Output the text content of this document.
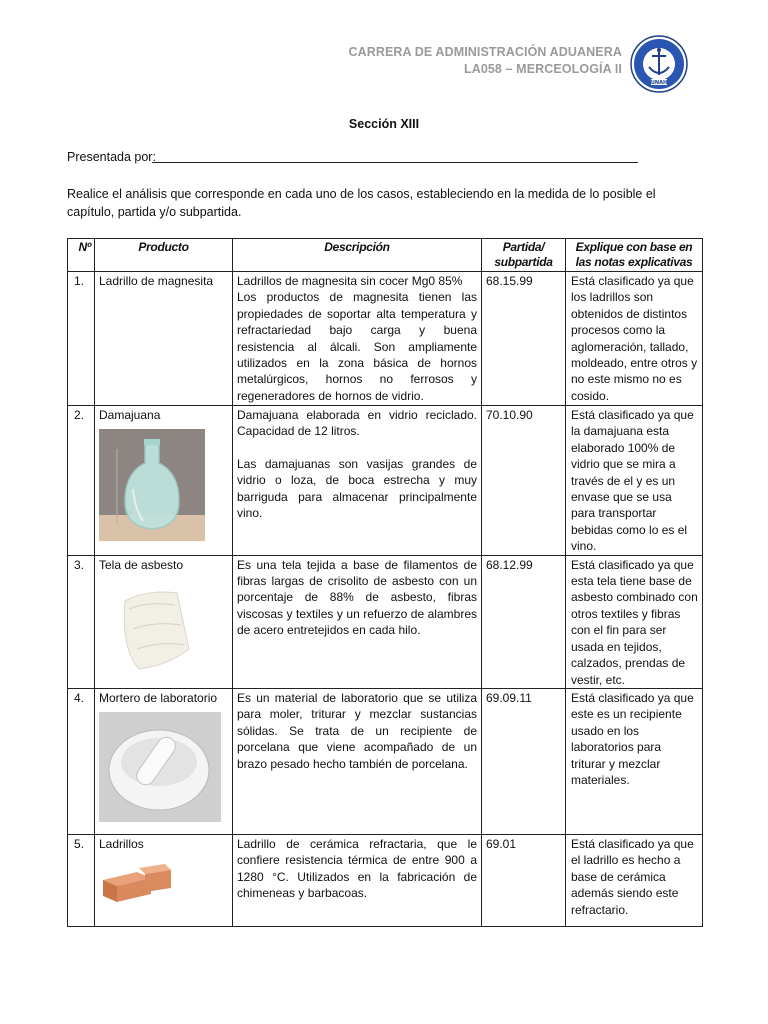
CARRERA DE ADMINISTRACIÓN ADUANERA
LA058 – MERCEOLOGÍA II
UNAH
Sección XIII
Presentada por:
Realice el análisis que corresponde en cada uno de los casos, estableciendo en la medida de lo posible el capítulo, partida y/o subpartida.
Nº	Producto	Descripción	Partida/ subpartida	Explique con base en las notas explicativas
1.	Ladrillo de magnesita	Ladrillos de magnesita sin cocer Mg0 85%
Los productos de magnesita tienen las propiedades de soportar alta temperatura y refractariedad bajo carga y buena resistencia al álcali. Son ampliamente utilizados en la zona básica de hornos metalúrgicos, hornos no ferrosos y regeneradores de hornos de vidrio.	68.15.99	Está clasificado ya que los ladrillos son obtenidos de distintos procesos como la aglomeración, tallado, moldeado, entre otros y no este mismo no es cosido.
2.	Damajuana	Damajuana elaborada en vidrio reciclado. Capacidad de 12 litros.
Las damajuanas son vasijas grandes de vidrio o loza, de boca estrecha y muy barriguda para almacenar principalmente vino.	70.10.90	Está clasificado ya que la damajuana esta elaborado 100% de vidrio que se mira a través de el y es un envase que se usa para transportar bebidas como lo es el vino.
3.	Tela de asbesto	Es una tela tejida a base de filamentos de fibras largas de crisolito de asbesto con un porcentaje de 88% de asbesto, fibras viscosas y textiles y un refuerzo de alambres de acero entretejidos en cada hilo.	68.12.99	Está clasificado ya que esta tela tiene base de asbesto combinado con otros textiles y fibras con el fin para ser usada en tejidos, calzados, prendas de vestir, etc.
4.	Mortero de laboratorio	Es un material de laboratorio que se utiliza para moler, triturar y mezclar sustancias sólidas. Se trata de un recipiente de porcelana que viene acompañado de un brazo pesado hecho también de porcelana.	69.09.11	Está clasificado ya que este es un recipiente usado en los laboratorios para triturar y mezclar materiales.
5.	Ladrillos	Ladrillo de cerámica refractaria, que le confiere resistencia térmica de entre 900 a 1280 °C. Utilizados en la fabricación de chimeneas y barbacoas.	69.01	Está clasificado ya que el ladrillo es hecho a base de cerámica además siendo este refractario.
